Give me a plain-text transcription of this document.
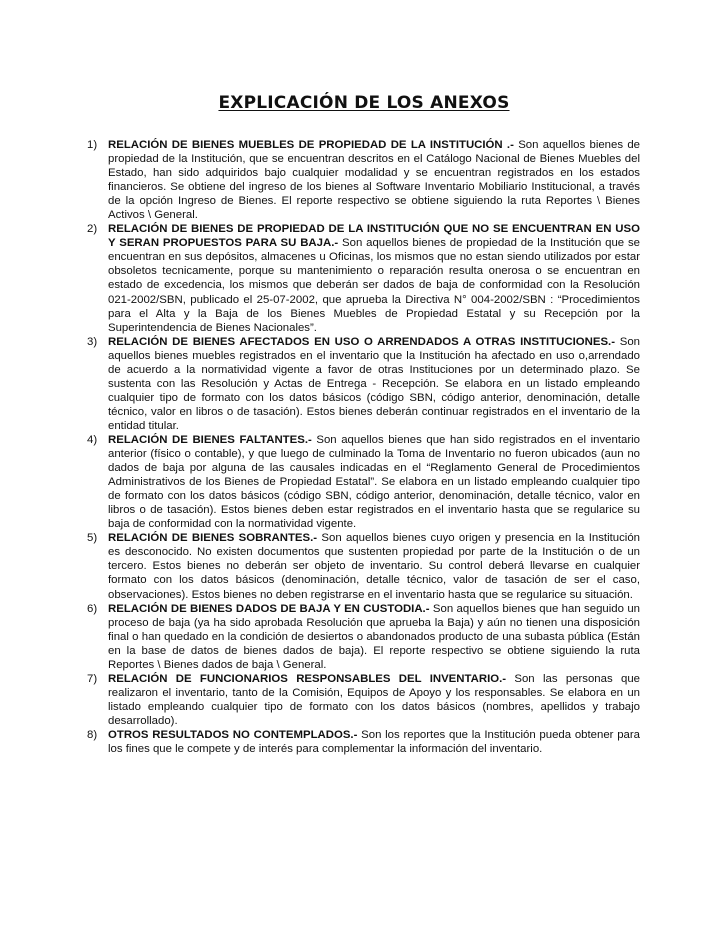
EXPLICACIÓN DE LOS ANEXOS
1) RELACIÓN DE BIENES MUEBLES DE PROPIEDAD DE LA INSTITUCIÓN .- Son aquellos bienes de propiedad de la Institución, que se encuentran descritos en el Catálogo Nacional de Bienes Muebles del Estado, han sido adquiridos bajo cualquier modalidad y se encuentran registrados en los estados financieros. Se obtiene del ingreso de los bienes al Software Inventario Mobiliario Institucional, a través de la opción Ingreso de Bienes. El reporte respectivo se obtiene siguiendo la ruta Reportes \ Bienes Activos \ General.
2) RELACIÓN DE BIENES DE PROPIEDAD DE LA INSTITUCIÓN QUE NO SE ENCUENTRAN EN USO Y SERAN PROPUESTOS PARA SU BAJA.- Son aquellos bienes de propiedad de la Institución que se encuentran en sus depósitos, almacenes u Oficinas, los mismos que no estan siendo utilizados por estar obsoletos tecnicamente, porque su mantenimiento o reparación resulta onerosa o se encuentran en estado de excedencia, los mismos que deberán ser dados de baja de conformidad con la Resolución 021-2002/SBN, publicado el 25-07-2002, que aprueba la Directiva N° 004-2002/SBN : “Procedimientos para el Alta y la Baja de los Bienes Muebles de Propiedad Estatal y su Recepción por la Superintendencia de Bienes Nacionales”.
3) RELACIÓN DE BIENES AFECTADOS EN USO O ARRENDADOS A OTRAS INSTITUCIONES.- Son aquellos bienes muebles registrados en el inventario que la Institución ha afectado en uso o,arrendado de acuerdo a la normatividad vigente a favor de otras Instituciones por un determinado plazo. Se sustenta con las Resolución y Actas de Entrega - Recepción. Se elabora en un listado empleando cualquier tipo de formato con los datos básicos (código SBN, código anterior, denominación, detalle técnico, valor en libros o de tasación). Estos bienes deberán continuar registrados en el inventario de la entidad titular.
4) RELACIÓN DE BIENES FALTANTES.- Son aquellos bienes que han sido registrados en el inventario anterior (físico o contable), y que luego de culminado la Toma de Inventario no fueron ubicados (aun no dados de baja por alguna de las causales indicadas en el “Reglamento General de Procedimientos Administrativos de los Bienes de Propiedad Estatal”. Se elabora en un listado empleando cualquier tipo de formato con los datos básicos (código SBN, código anterior, denominación, detalle técnico, valor en libros o de tasación). Estos bienes deben estar registrados en el inventario hasta que se regularice su baja de conformidad con la normatividad vigente.
5) RELACIÓN DE BIENES SOBRANTES.- Son aquellos bienes cuyo origen y presencia en la Institución es desconocido. No existen documentos que sustenten propiedad por parte de la Institución o de un tercero. Estos bienes no deberán ser objeto de inventario. Su control deberá llevarse en cualquier formato con los datos básicos (denominación, detalle técnico, valor de tasación de ser el caso, observaciones). Estos bienes no deben registrarse en el inventario hasta que se regularice su situación.
6) RELACIÓN DE BIENES DADOS DE BAJA Y EN CUSTODIA.- Son aquellos bienes que han seguido un proceso de baja (ya ha sido aprobada Resolución que aprueba la Baja) y aún no tienen una disposición final o han quedado en la condición de desiertos o abandonados producto de una subasta pública (Están en la base de datos de bienes dados de baja). El reporte respectivo se obtiene siguiendo la ruta Reportes \ Bienes dados de baja \ General.
7) RELACIÓN DE FUNCIONARIOS RESPONSABLES DEL INVENTARIO.- Son las personas que realizaron el inventario, tanto de la Comisión, Equipos de Apoyo y los responsables. Se elabora en un listado empleando cualquier tipo de formato con los datos básicos (nombres, apellidos y trabajo desarrollado).
8) OTROS RESULTADOS NO CONTEMPLADOS.- Son los reportes que la Institución pueda obtener para los fines que le compete y de interés para complementar la información del inventario.
